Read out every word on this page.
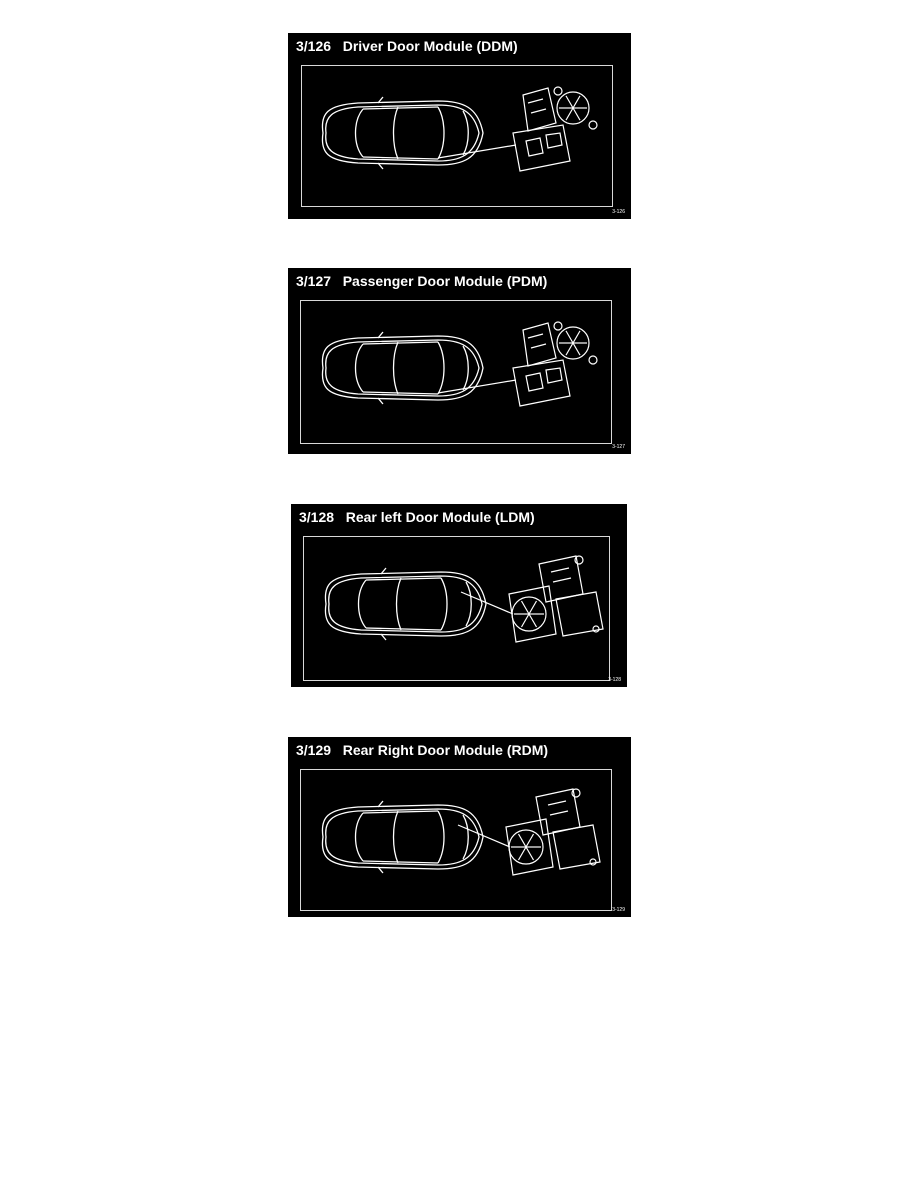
3/126   Driver Door Module (DDM)
3-126
3/127   Passenger Door Module (PDM)
3-127
3/128   Rear left Door Module (LDM)
3-128
3/129   Rear Right Door Module (RDM)
3-129
